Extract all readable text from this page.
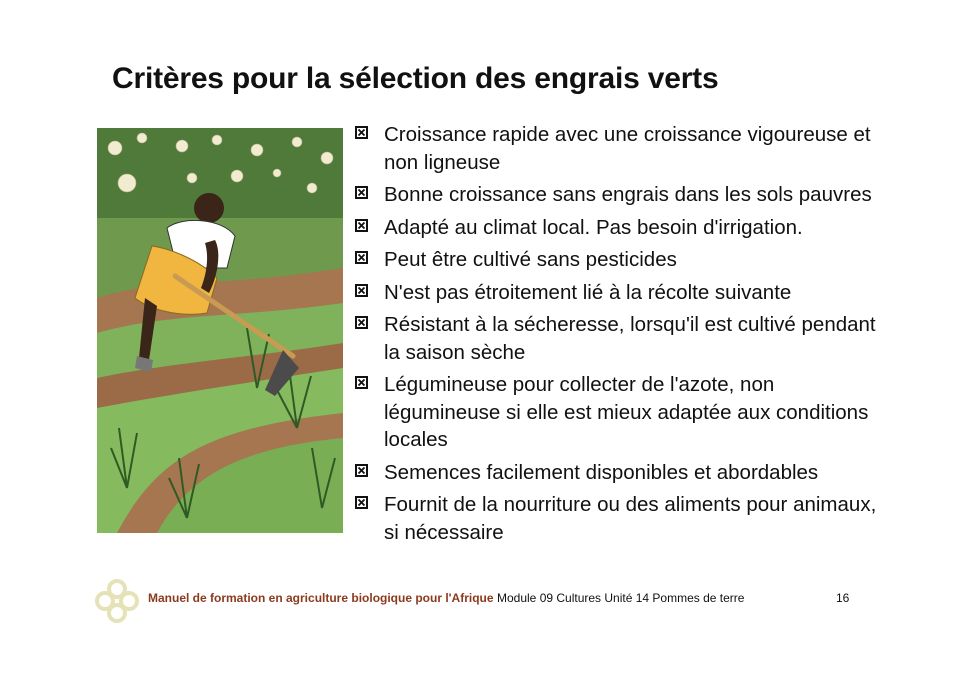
Critères pour la sélection des engrais verts
Croissance rapide avec une croissance vigoureuse et non ligneuse
Bonne croissance sans engrais dans les sols pauvres
Adapté au climat local. Pas besoin d'irrigation.
Peut être cultivé sans pesticides
N'est pas étroitement lié à la récolte suivante
Résistant à la sécheresse, lorsqu'il est cultivé pendant la saison sèche
Légumineuse pour collecter de l'azote, non légumineuse si elle est mieux adaptée aux conditions locales
Semences facilement disponibles et abordables
Fournit de la nourriture ou des aliments pour animaux, si nécessaire
Manuel de formation en agriculture biologique pour l'Afrique Module 09 Cultures Unité 14 Pommes de terre	16
